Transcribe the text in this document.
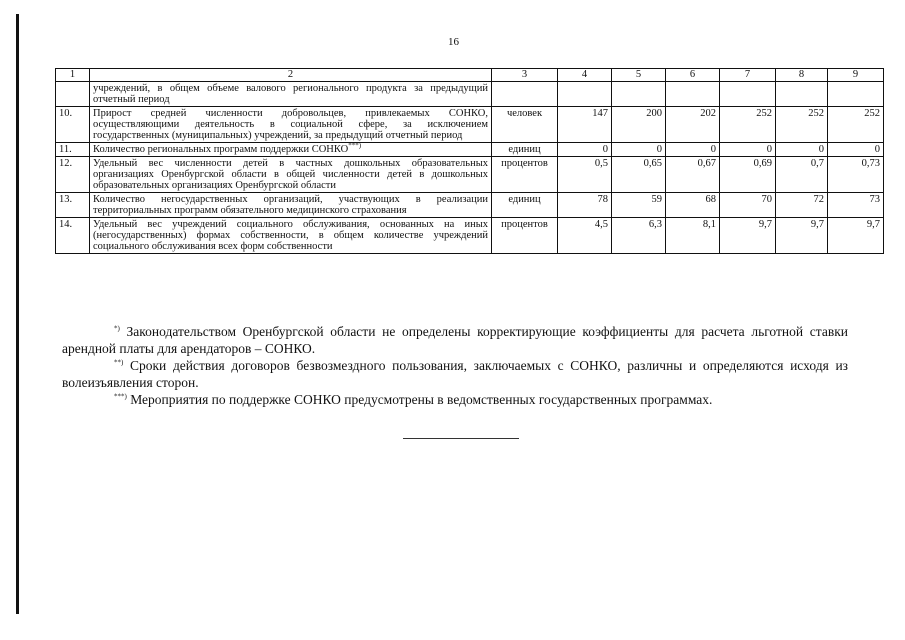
16
1	2	3	4	5	6	7	8	9
	учреждений, в общем объеме валового регионального продукта за предыдущий отчетный период							
10.	Прирост средней численности добровольцев, привлекаемых СОНКО, осуществляющими деятельность в социальной сфере, за исключением государственных (муниципальных) учреждений, за предыдущий отчетный период	человек	147	200	202	252	252	252
11.	Количество региональных программ поддержки СОНКО***)	единиц	0	0	0	0	0	0
12.	Удельный вес численности детей в частных дошкольных образовательных организациях Оренбургской области в общей численности детей в дошкольных образовательных организациях Оренбургской области	процентов	0,5	0,65	0,67	0,69	0,7	0,73
13.	Количество негосударственных организаций, участвующих в реализации территориальных программ обязательного медицинского страхования	единиц	78	59	68	70	72	73
14.	Удельный вес учреждений социального обслуживания, основанных на иных (негосударственных) формах собственности, в общем количестве учреждений социального обслуживания всех форм собственности	процентов	4,5	6,3	8,1	9,7	9,7	9,7

*) Законодательством Оренбургской области не определены корректирующие коэффициенты для расчета льготной ставки арендной платы для арендаторов – СОНКО.

**) Сроки действия договоров безвозмездного пользования, заключаемых с СОНКО, различны и определяются исходя из волеизъявления сторон.

***) Мероприятия по поддержке СОНКО предусмотрены в ведомственных государственных программах.
